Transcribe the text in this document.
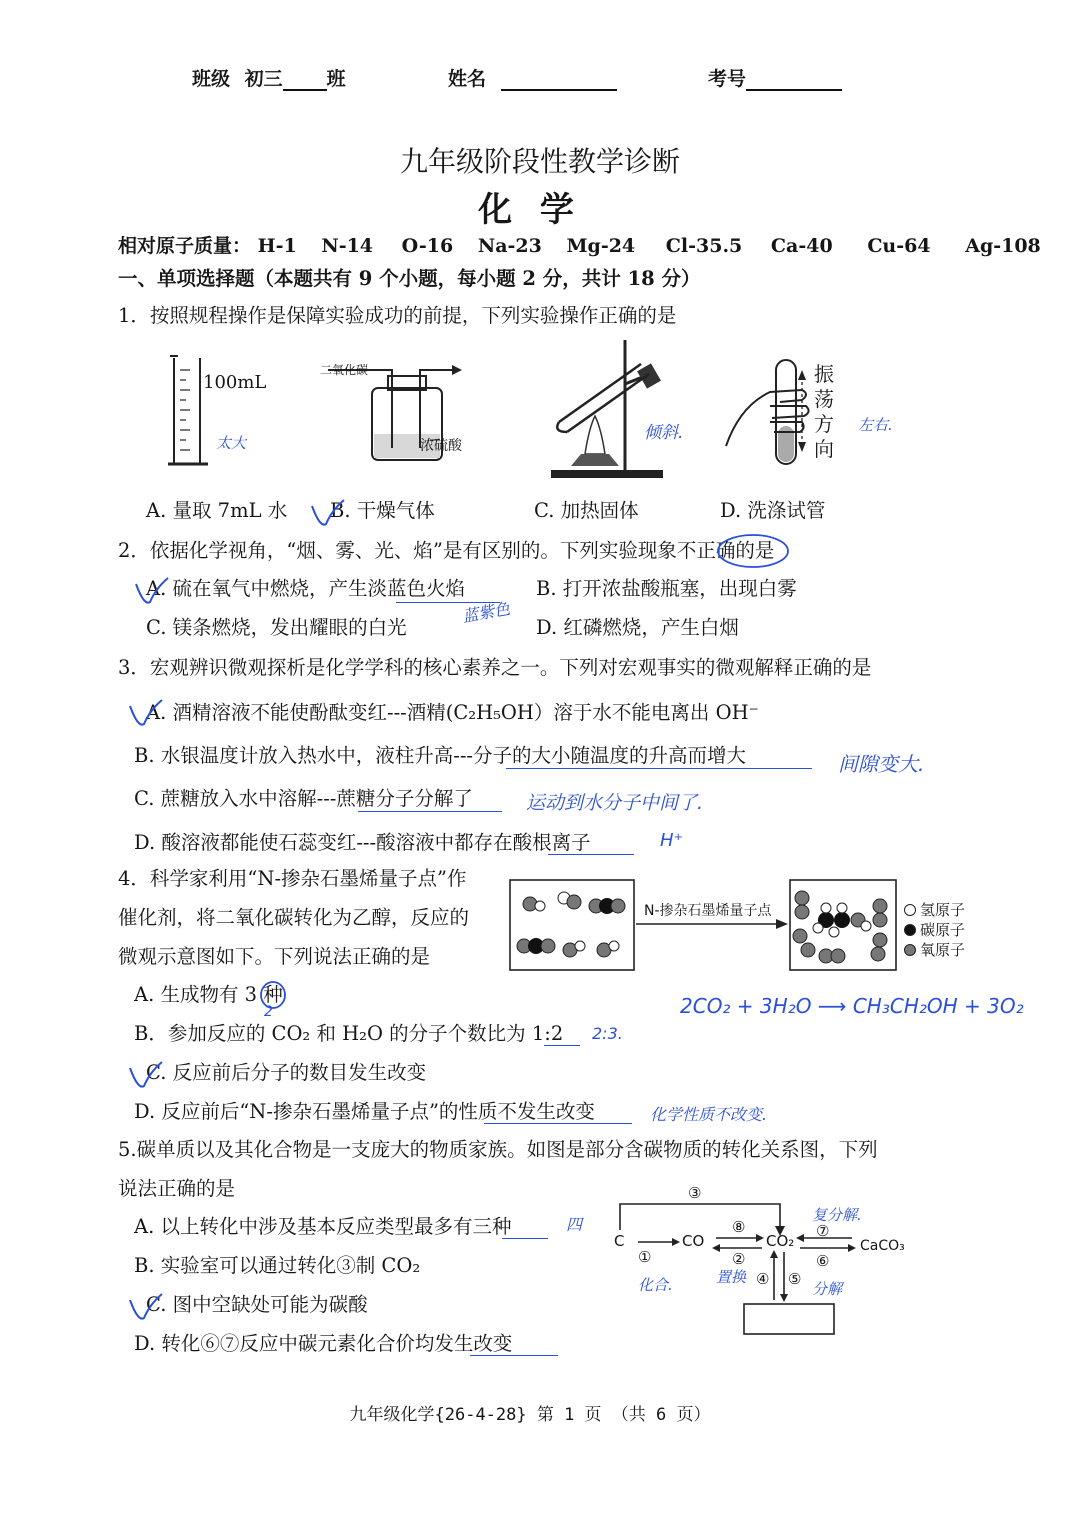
班级 初三 班	姓名	考号
九年级阶段性教学诊断
化 学
相对原子质量： H-1 N-14 O-16 Na-23 Mg-24 Cl-35.5 Ca-40 Cu-64 Ag-108
一、单项选择题（本题共有 9 个小题，每小题 2 分，共计 18 分）
1．按照规程操作是保障实验成功的前提，下列实验操作正确的是
100mL
二氧化碳
浓硫酸
振
荡
方
向
太大	倾斜.	左右.
A. 量取 7mL 水 B. 干燥气体	C. 加热固体	D. 洗涤试管
2．依据化学视角，“烟、雾、光、焰”是有区别的。下列实验现象不正确的是
A. 硫在氧气中燃烧，产生淡蓝色火焰	B. 打开浓盐酸瓶塞，出现白雾
C. 镁条燃烧，发出耀眼的白光	D. 红磷燃烧，产生白烟
蓝紫色
3．宏观辨识微观探析是化学学科的核心素养之一。下列对宏观事实的微观解释正确的是
A. 酒精溶液不能使酚酞变红---酒精(C₂H₅OH）溶于水不能电离出 OH⁻
B. 水银温度计放入热水中，液柱升高---分子的大小随温度的升高而增大
C. 蔗糖放入水中溶解---蔗糖分子分解了
D. 酸溶液都能使石蕊变红---酸溶液中都存在酸根离子
间隙变大.
运动到水分子中间了.
H⁺
4．科学家利用“N-掺杂石墨烯量子点”作
催化剂，将二氧化碳转化为乙醇，反应的
微观示意图如下。下列说法正确的是
N-掺杂石墨烯量子点	氢原子
碳原子
氧原子
A. 生成物有 3 种
B．参加反应的 CO₂ 和 H₂O 的分子个数比为 1:2
C. 反应前后分子的数目发生改变
D. 反应前后“N-掺杂石墨烯量子点”的性质不发生改变
2	2CO₂ + 3H₂O ⟶ CH₃CH₂OH + 3O₂
2:3.
化学性质不改变.
5.碳单质以及其化合物是一支庞大的物质家族。如图是部分含碳物质的转化关系图，下列
说法正确的是
A. 以上转化中涉及基本反应类型最多有三种
B. 实验室可以通过转化③制 CO₂
C. 图中空缺处可能为碳酸
D. 转化⑥⑦反应中碳元素化合价均发生改变
四
C	CO	CO₂	CaCO₃
③
①
⑧
②
⑦
⑥
④ ⑤
复分解.
化合.	置换
分解
九年级化学{26-4-28} 第 1 页 （共 6 页）
